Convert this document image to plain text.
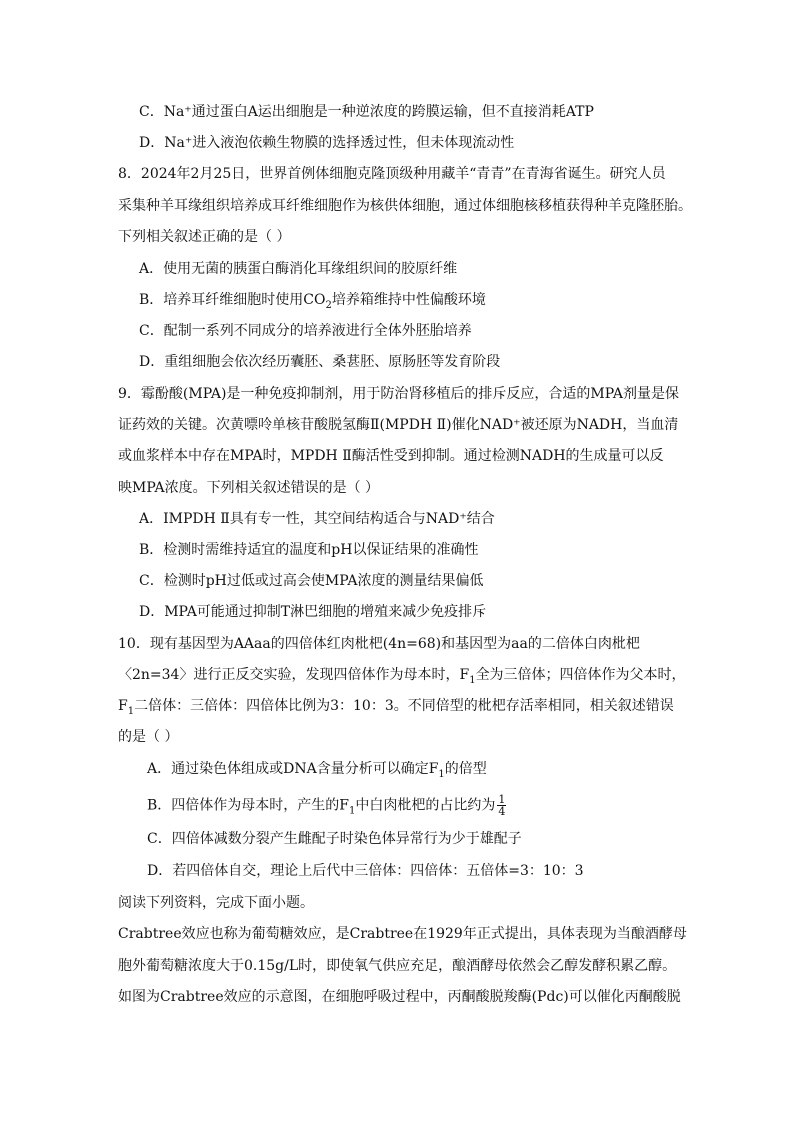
C．Na⁺通过蛋白A运出细胞是一种逆浓度的跨膜运输，但不直接消耗ATP
D．Na⁺进入液泡依赖生物膜的选择透过性，但未体现流动性
8．2024年2月25日，世界首例体细胞克隆顶级种用藏羊“青青”在青海省诞生。研究人员
采集种羊耳缘组织培养成耳纤维细胞作为核供体细胞，通过体细胞核移植获得种羊克隆胚胎。
下列相关叙述正确的是（ ）
A．使用无菌的胰蛋白酶消化耳缘组织间的胶原纤维
B．培养耳纤维细胞时使用$CO_2$培养箱维持中性偏酸环境
C．配制一系列不同成分的培养液进行全体外胚胎培养
D．重组细胞会依次经历囊胚、桑葚胚、原肠胚等发育阶段
9．霉酚酸(MPA)是一种免疫抑制剂，用于防治肾移植后的排斥反应，合适的MPA剂量是保
证药效的关键。次黄嘌呤单核苷酸脱氢酶Ⅱ(MPDH Ⅱ)催化NAD⁺被还原为NADH，当血清
或血浆样本中存在MPA时，MPDH Ⅱ酶活性受到抑制。通过检测NADH的生成量可以反
映MPA浓度。下列相关叙述错误的是（ ）
A．IMPDH Ⅱ具有专一性，其空间结构适合与NAD⁺结合
B．检测时需维持适宜的温度和pH以保证结果的准确性
C．检测时pH过低或过高会使MPA浓度的测量结果偏低
D．MPA可能通过抑制T淋巴细胞的增殖来减少免疫排斥
10．现有基因型为AAaa的四倍体红肉枇杷(4n=68)和基因型为aa的二倍体白肉枇杷
〈2n=34〉进行正反交实验，发现四倍体作为母本时，$F_1$全为三倍体；四倍体作为父本时，
$F_1$二倍体：三倍体：四倍体比例为3：10：3。不同倍型的枇杷存活率相同，相关叙述错误
的是（ ）
A．通过染色体组成或DNA含量分析可以确定$F_1$的倍型
B．四倍体作为母本时，产生的$F_1$中白肉枇杷的占比约为 $\frac{1}{4}$
C．四倍体减数分裂产生雌配子时染色体异常行为少于雄配子
D．若四倍体自交，理论上后代中三倍体：四倍体：五倍体=3：10：3
阅读下列资料，完成下面小题。
Crabtree效应也称为葡萄糖效应，是Crabtree在1929年正式提出，具体表现为当酿酒酵母
胞外葡萄糖浓度大于0.15g/L时，即使氧气供应充足，酿酒酵母依然会乙醇发酵积累乙醇。
如图为Crabtree效应的示意图，在细胞呼吸过程中，丙酮酸脱羧酶(Pdc)可以催化丙酮酸脱
